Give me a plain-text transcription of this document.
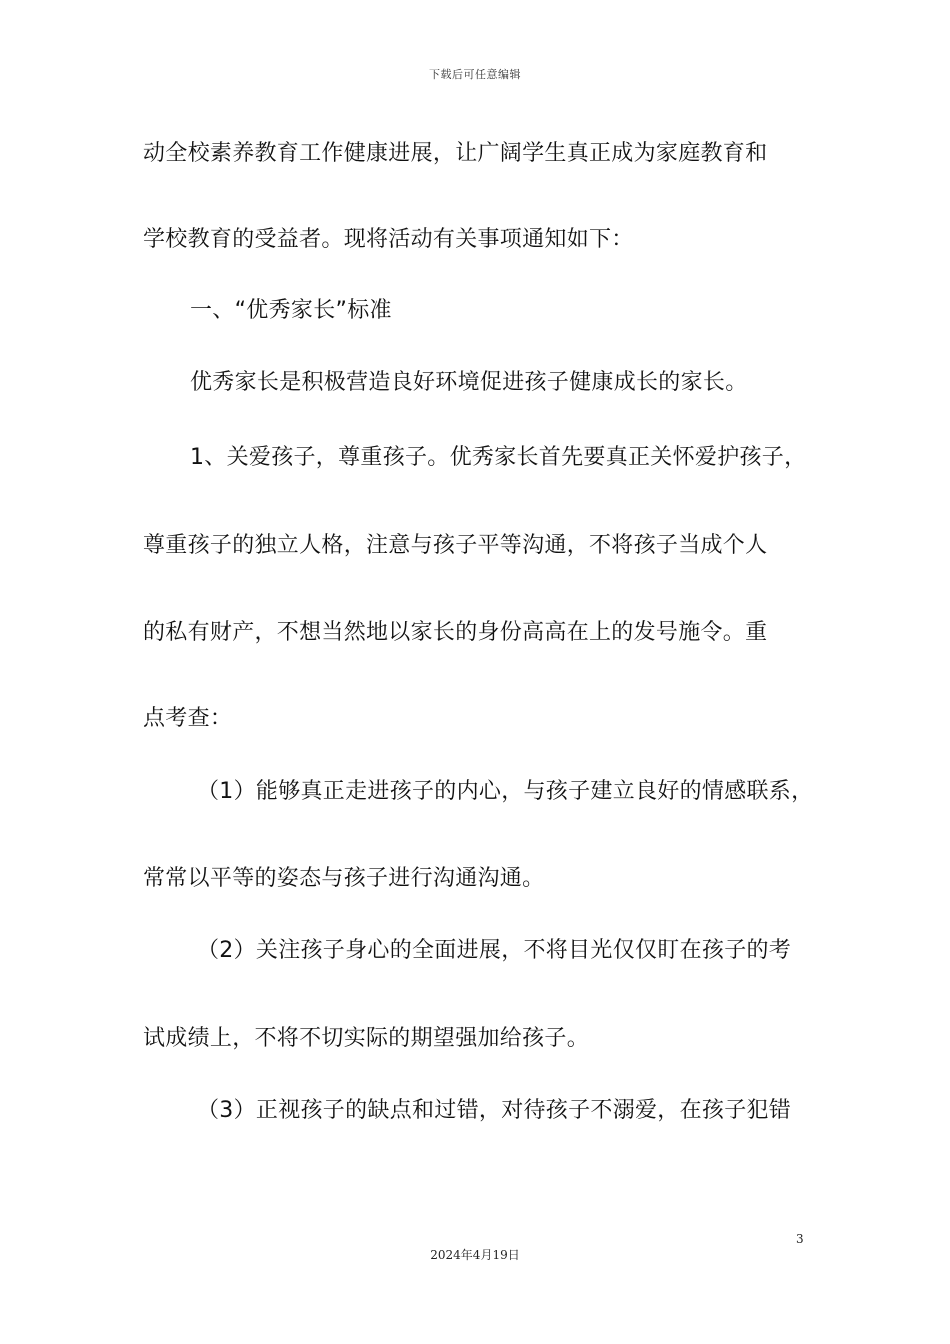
下载后可任意编辑
动全校素养教育工作健康进展，让广阔学生真正成为家庭教育和
学校教育的受益者。现将活动有关事项通知如下：
一、“优秀家长”标准
优秀家长是积极营造良好环境促进孩子健康成长的家长。
1、关爱孩子，尊重孩子。优秀家长首先要真正关怀爱护孩子，
尊重孩子的独立人格，注意与孩子平等沟通，不将孩子当成个人
的私有财产，不想当然地以家长的身份高高在上的发号施令。重
点考查：
（1）能够真正走进孩子的内心，与孩子建立良好的情感联系，
常常以平等的姿态与孩子进行沟通沟通。
（2）关注孩子身心的全面进展，不将目光仅仅盯在孩子的考
试成绩上，不将不切实际的期望强加给孩子。
（3）正视孩子的缺点和过错，对待孩子不溺爱，在孩子犯错
3
2024年4月19日
